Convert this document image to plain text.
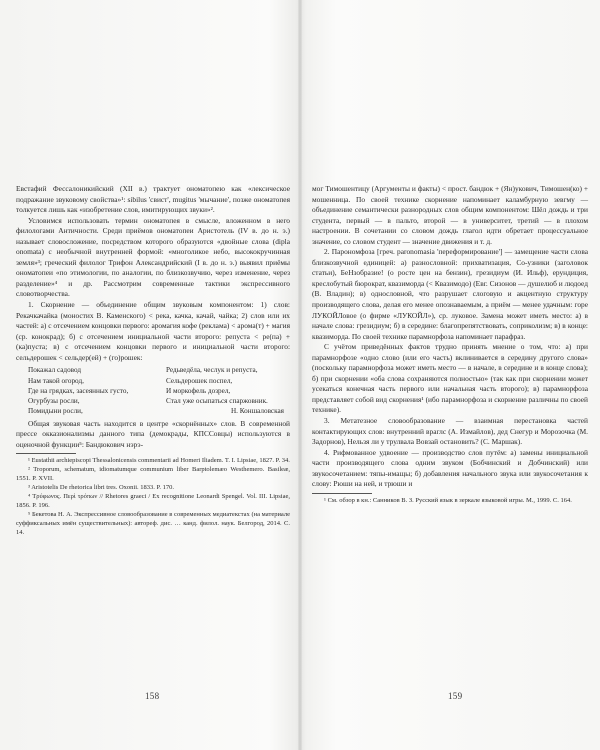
Евстафий Фессалоникийский (XII в.) трактует ономатопею как «лексическое подражание звуковому свойства»¹: sibilus 'свист', mugitus 'мычание', позже ономатопея толкуется лишь как «изобретение слов, имитирующих звуки»².

Условимся использовать термин ономатопея в смысле, вложенном в него филологами Античности. Среди приёмов ономатопеи Аристотель (IV в. до н. э.) называет словосложение, посредством которого образуются «двойные слова (diplа onomata) с необычной внутренней формой: «многоликое небо, высококручинная земля»³; греческий филолог Трифон Александрийский (I в. до н. э.) выявил приёмы ономатопеи «по этимологии, по аналогии, по близкозвучию, через изменение, через разделение»⁴ и др. Рассмотрим современные тактики экспрессивного словотворчества.

1. Скорнение — объединение общим звуковым компонентом: 1) слов: Рекачкачайка (моностих В. Каменского) < река, качка, качай, чайка; 2) слов или их частей: а) с отсечением концовки первого: аромагия кофе (реклама) < арома(т) + магия (ср. конокрад); б) с отсечением инициальной части второго: репуста < ре(па) + (ка)пуста; в) с отсечением концовки первого и инициальной части второго: сельдерошек < сельдер(ей) + (го)рошек:

Покажал садовод
Нам такой огород,
Где на грядках, засеянных густо,
Огурбузы росли,
Помидыни росли,
Редьведёла, чеслук и репуста,
Сельдерошек поспел,
И моркофель дозрел,
Стал уже осыпаться спаржовник.
Н. Коншаловская

Общая звуковая часть находится в центре «скорнённых» слов. В современной прессе окказионализмы данного типа (демокрады, КПССовцы) используются в оценочной функции⁵: Бандюкович нэрэ-

¹ Eustathii archiepiscopi Thessalonicensis commentarii ad Homeri Iliadem. T. I. Lipsiae, 1827. P. 34.

² Troporum, schematum, idiomatumque communium liber Barptolemæo Westhemero. Basileæ, 1551. P. XVII.

³ Aristotelis De rhetorica libri tres. Oxonii. 1833. P. 170.

⁴ Τρύφωνος. Περὶ τρόπων // Rhetores graeci / Ex recognitione Leonardi Spengel. Vol. III. Lipsiae, 1856. P. 196.

⁵ Бекетова Н. А. Экспрессивное словообразование в современных медиатекстах (на материале суффиксальных имён существительных): автореф. дис. … канд. филол. наук. Белгород, 2014. С. 14.

158

мог Тимошентицу (Аргументы и факты) < прост. бандюк + (Ян)укович, Тимошен(ко) + мошенница. По своей технике скорнение напоминает каламбурную зевгму — объединение семантически разнородных слов общим компонентом: Шёл дождь и три студента, первый — в пальто, второй — в университет, третий — в плохом настроении. В сочетании со словом дождь глагол идти обретает процессуальное значение, со словом студент — значение движения и т. д.

2. Парономфоза [греч. paronomasia 'переформирование'] — замещение части слова близкозвучной единицей: а) разнословной: прихватизация, Со-узники (заголовок статьи), БеНзобразие! (о росте цен на бензин), грезидиум (И. Ильф), ерундиция, креслобутый бюрократ, квазимордa (< Квазимодо) (Евг. Сизонов — душелюб и людоед (В. Владин); в) однословной, что разрушает слоговую и акцентную структуру производящего слова, делая его менее опознаваемым, а приём — менее удачным: горе ЛУКОЙЛовое (о фирме «ЛУКОЙЛ»), ср. луковое. Замена может иметь место: а) в начале слова: грезидиум; б) в середине: благопрепятствовать, соприколизм; в) в конце: квазимордa. По своей технике парамнорфоза напоминает парафраз.

С учётом приведённых фактов трудно принять мнение о том, что: а) при парамнорфозе «одно слово (или его часть) вклинивается в середину другого слова» (поскольку парамнорфоза может иметь место — в начале, в середине и в конце слова); б) при скорнении «оба слова сохраняются полностью» (так как при скорнении может усекаться конечная часть первого или начальная часть второго); в) парамнорфоза представляет собой вид скорнения¹ (ибо парамнорфоза и скорнение различны по своей технике).

3. Метатезное словообразование — взаимная перестановка частей контактирующих слов: внутренний враглс (А. Измайлов), дед Снегур и Морозочка (М. Задорнов), Нельзя ли у трулвала Вовзай остановить? (С. Маршак).

4. Рифмованное удвоение — производство слов путём: а) замены инициальной части производящего слова одним звуком (Бобчинский и Добчинский) или звукосочетанием: тяпы-имащы; б) добавления начального звука или звукосочетания к слову: Рюши на ней, и трюши и

¹ См. обзор в кн.: Санников В. З. Русский язык в зеркале языковой игры. М., 1999. С. 164.

159
